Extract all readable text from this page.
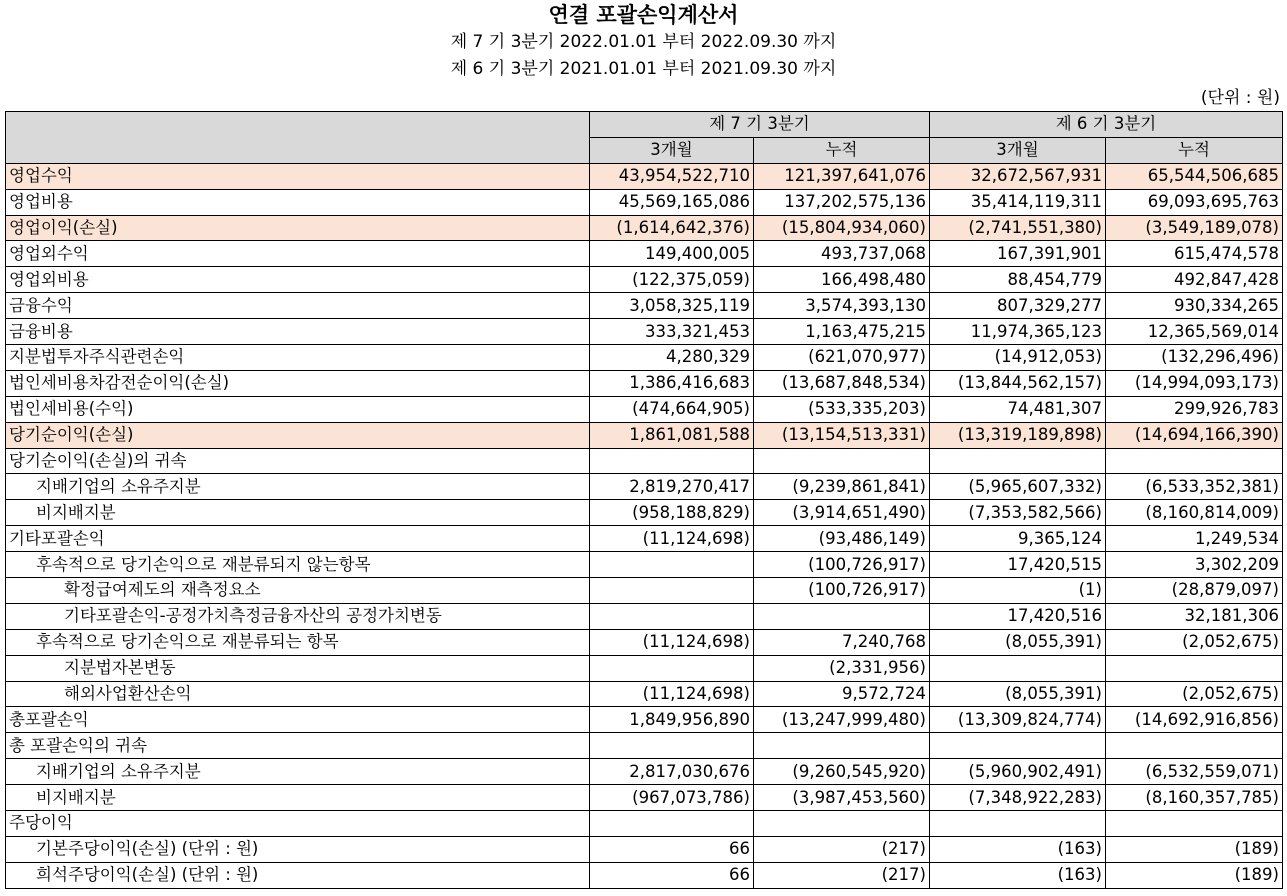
연결 포괄손익계산서
제 7 기 3분기 2022.01.01 부터 2022.09.30 까지
제 6 기 3분기 2021.01.01 부터 2021.09.30 까지
(단위 : 원)
	제 7 기 3분기		제 6 기 3분기	
	3개월	누적	3개월	누적
영업수익	43,954,522,710	121,397,641,076	32,672,567,931	65,544,506,685
영업비용	45,569,165,086	137,202,575,136	35,414,119,311	69,093,695,763
영업이익(손실)	(1,614,642,376)	(15,804,934,060)	(2,741,551,380)	(3,549,189,078)
영업외수익	149,400,005	493,737,068	167,391,901	615,474,578
영업외비용	(122,375,059)	166,498,480	88,454,779	492,847,428
금융수익	3,058,325,119	3,574,393,130	807,329,277	930,334,265
금융비용	333,321,453	1,163,475,215	11,974,365,123	12,365,569,014
지분법투자주식관련손익	4,280,329	(621,070,977)	(14,912,053)	(132,296,496)
법인세비용차감전순이익(손실)	1,386,416,683	(13,687,848,534)	(13,844,562,157)	(14,994,093,173)
법인세비용(수익)	(474,664,905)	(533,335,203)	74,481,307	299,926,783
당기순이익(손실)	1,861,081,588	(13,154,513,331)	(13,319,189,898)	(14,694,166,390)
당기순이익(손실)의 귀속				
지배기업의 소유주지분	2,819,270,417	(9,239,861,841)	(5,965,607,332)	(6,533,352,381)
비지배지분	(958,188,829)	(3,914,651,490)	(7,353,582,566)	(8,160,814,009)
기타포괄손익	(11,124,698)	(93,486,149)	9,365,124	1,249,534
후속적으로 당기손익으로 재분류되지 않는항목		(100,726,917)	17,420,515	3,302,209
확정급여제도의 재측정요소		(100,726,917)	(1)	(28,879,097)
기타포괄손익-공정가치측정금융자산의 공정가치변동			17,420,516	32,181,306
후속적으로 당기손익으로 재분류되는 항목	(11,124,698)	7,240,768	(8,055,391)	(2,052,675)
지분법자본변동		(2,331,956)		
해외사업환산손익	(11,124,698)	9,572,724	(8,055,391)	(2,052,675)
총포괄손익	1,849,956,890	(13,247,999,480)	(13,309,824,774)	(14,692,916,856)
총 포괄손익의 귀속				
지배기업의 소유주지분	2,817,030,676	(9,260,545,920)	(5,960,902,491)	(6,532,559,071)
비지배지분	(967,073,786)	(3,987,453,560)	(7,348,922,283)	(8,160,357,785)
주당이익				
기본주당이익(손실) (단위 : 원)	66	(217)	(163)	(189)
희석주당이익(손실) (단위 : 원)	66	(217)	(163)	(189)
